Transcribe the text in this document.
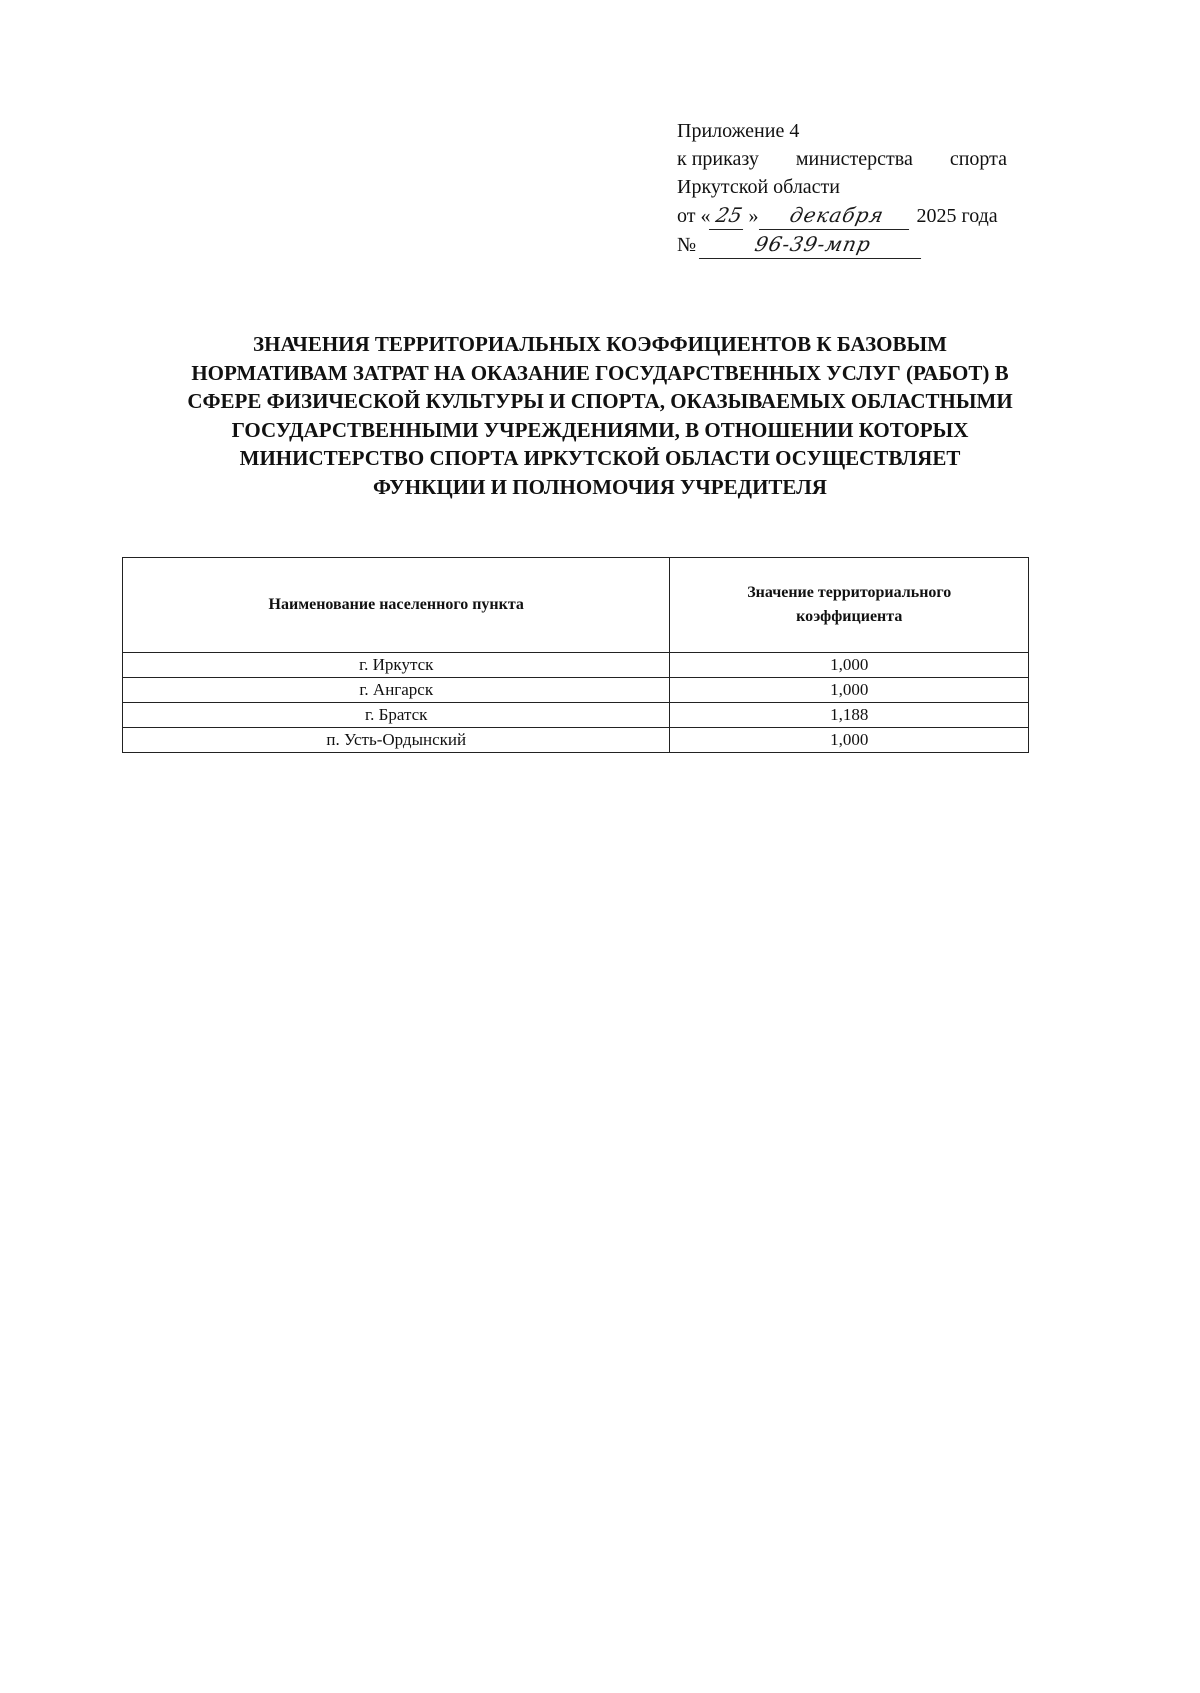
Приложение 4
к приказу министерства спорта
Иркутской области
от « 25 » декабря 2025 года
№	96-39-мпр
ЗНАЧЕНИЯ ТЕРРИТОРИАЛЬНЫХ КОЭФФИЦИЕНТОВ К БАЗОВЫМ
НОРМАТИВАМ ЗАТРАТ НА ОКАЗАНИЕ ГОСУДАРСТВЕННЫХ УСЛУГ (РАБОТ) В
СФЕРЕ ФИЗИЧЕСКОЙ КУЛЬТУРЫ И СПОРТА, ОКАЗЫВАЕМЫХ ОБЛАСТНЫМИ
ГОСУДАРСТВЕННЫМИ УЧРЕЖДЕНИЯМИ, В ОТНОШЕНИИ КОТОРЫХ
МИНИСТЕРСТВО СПОРТА ИРКУТСКОЙ ОБЛАСТИ ОСУЩЕСТВЛЯЕТ
ФУНКЦИИ И ПОЛНОМОЧИЯ УЧРЕДИТЕЛЯ
Наименование населенного пункта	Значение территориального коэффициента
г. Иркутск	1,000
г. Ангарск	1,000
г. Братск	1,188
п. Усть-Ордынский	1,000
